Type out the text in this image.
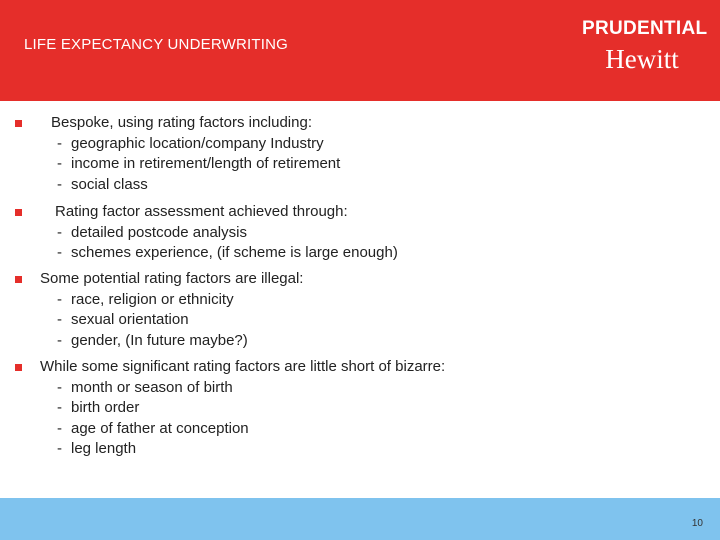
LIFE EXPECTANCY UNDERWRITING
PRUDENTIAL
Hewitt
Bespoke, using rating factors including:
- geographic location/company Industry
- income in retirement/length of retirement
- social class
Rating factor assessment achieved through:
- detailed postcode analysis
- schemes experience, (if scheme is large enough)
Some potential rating factors are illegal:
- race, religion or ethnicity
- sexual orientation
- gender, (In future maybe?)
While some significant rating factors are little short of bizarre:
- month or season of birth
- birth order
- age of father at conception
- leg length
10
